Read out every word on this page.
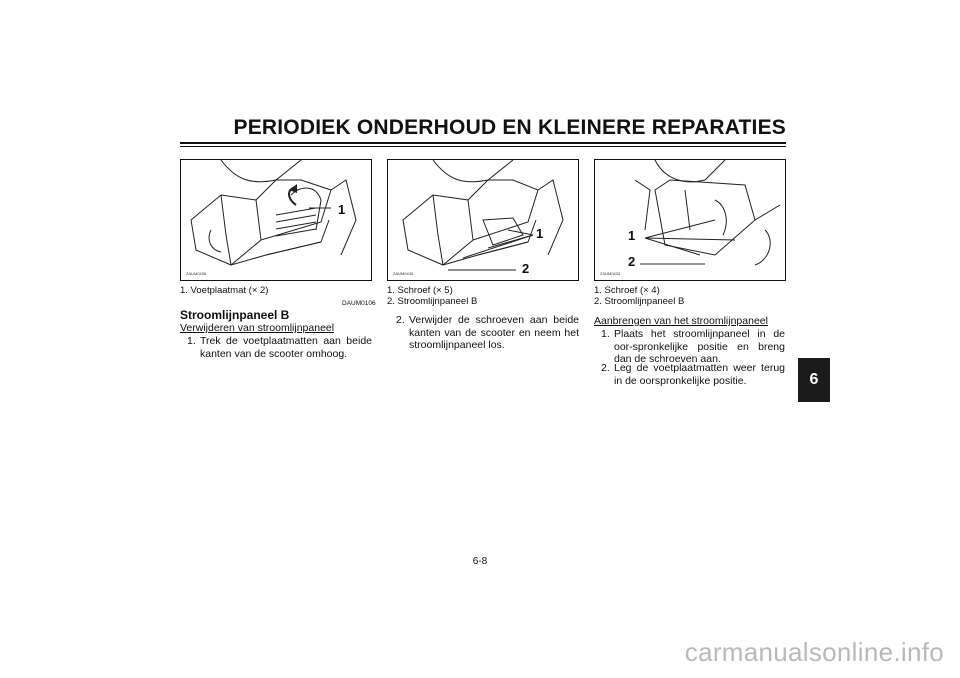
PERIODIEK ONDERHOUD EN KLEINERE REPARATIES
6
1
ZAUM0436
1
2
ZAUM0435
1
2
ZAUM0433
1. Voetplaatmat (× 2)	1. Schroef (× 5)
2. Stroomlijnpaneel B
1. Schroef (× 4)
2. Stroomlijnpaneel B
DAUM0106
Stroomlijnpaneel B
Verwijderen van stroomlijnpaneel
1. Trek de voetplaatmatten aan beide kanten van de scooter omhoog.
2. Verwijder de schroeven aan beide kanten van de scooter en neem het stroomlijnpaneel los.
Aanbrengen van het stroomlijnpaneel
1. Plaats het stroomlijnpaneel in de oor-spronkelijke positie en breng dan de schroeven aan.
2. Leg de voetplaatmatten weer terug in de oorspronkelijke positie.
6-8
carmanualsonline.info
